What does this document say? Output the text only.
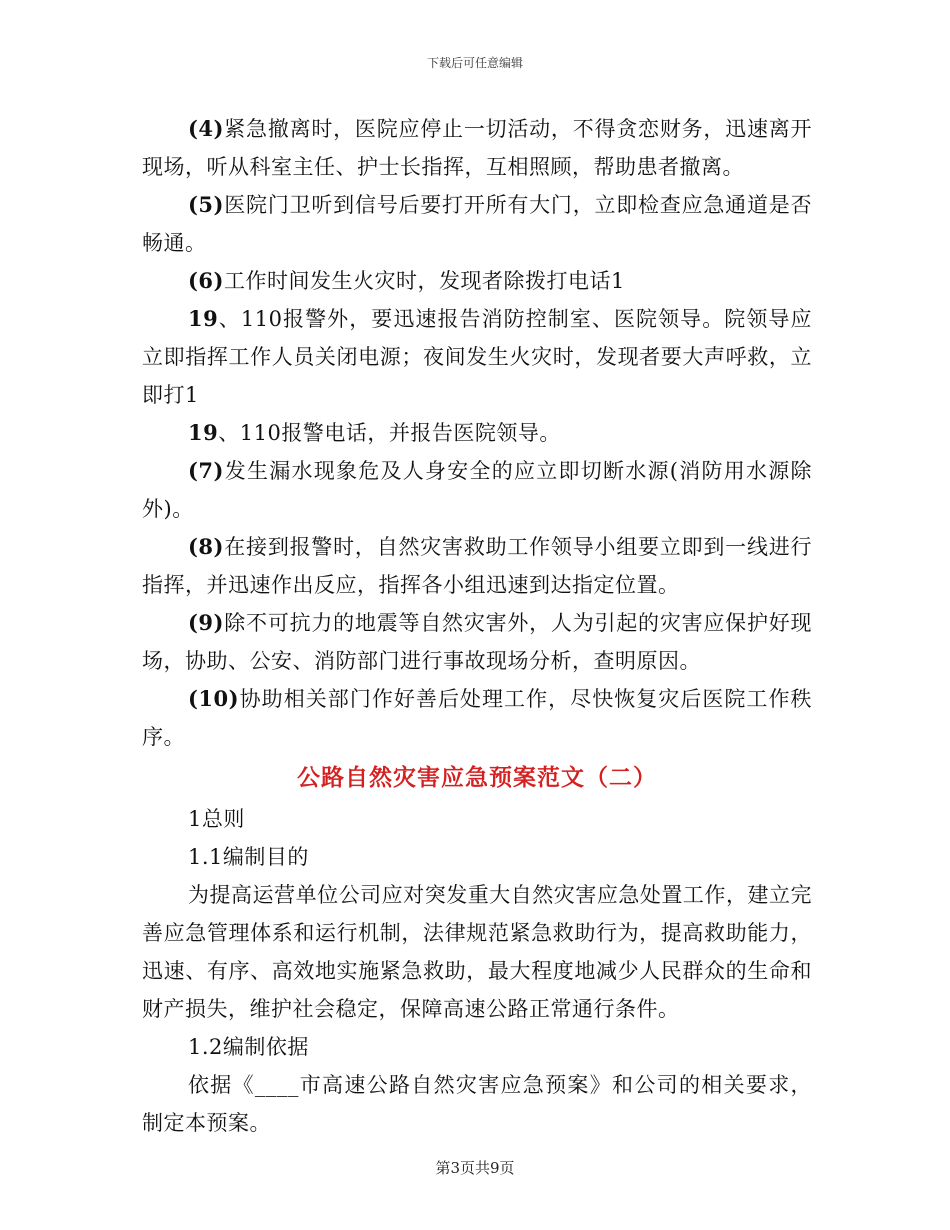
下载后可任意编辑

(4)紧急撤离时，医院应停止一切活动，不得贪恋财务，迅速离开现场，听从科室主任、护士长指挥，互相照顾，帮助患者撤离。

(5)医院门卫听到信号后要打开所有大门，立即检查应急通道是否畅通。

(6)工作时间发生火灾时，发现者除拨打电话1

19、110报警外，要迅速报告消防控制室、医院领导。院领导应立即指挥工作人员关闭电源；夜间发生火灾时，发现者要大声呼救，立即打1

19、110报警电话，并报告医院领导。

(7)发生漏水现象危及人身安全的应立即切断水源(消防用水源除外)。

(8)在接到报警时，自然灾害救助工作领导小组要立即到一线进行指挥，并迅速作出反应，指挥各小组迅速到达指定位置。

(9)除不可抗力的地震等自然灾害外，人为引起的灾害应保护好现场，协助、公安、消防部门进行事故现场分析，查明原因。

(10)协助相关部门作好善后处理工作，尽快恢复灾后医院工作秩序。

公路自然灾害应急预案范文（二）

1总则

1.1编制目的

为提高运营单位公司应对突发重大自然灾害应急处置工作，建立完善应急管理体系和运行机制，法律规范紧急救助行为，提高救助能力，迅速、有序、高效地实施紧急救助，最大程度地减少人民群众的生命和财产损失，维护社会稳定，保障高速公路正常通行条件。

1.2编制依据

依据《____市高速公路自然灾害应急预案》和公司的相关要求，制定本预案。

第3页共9页
